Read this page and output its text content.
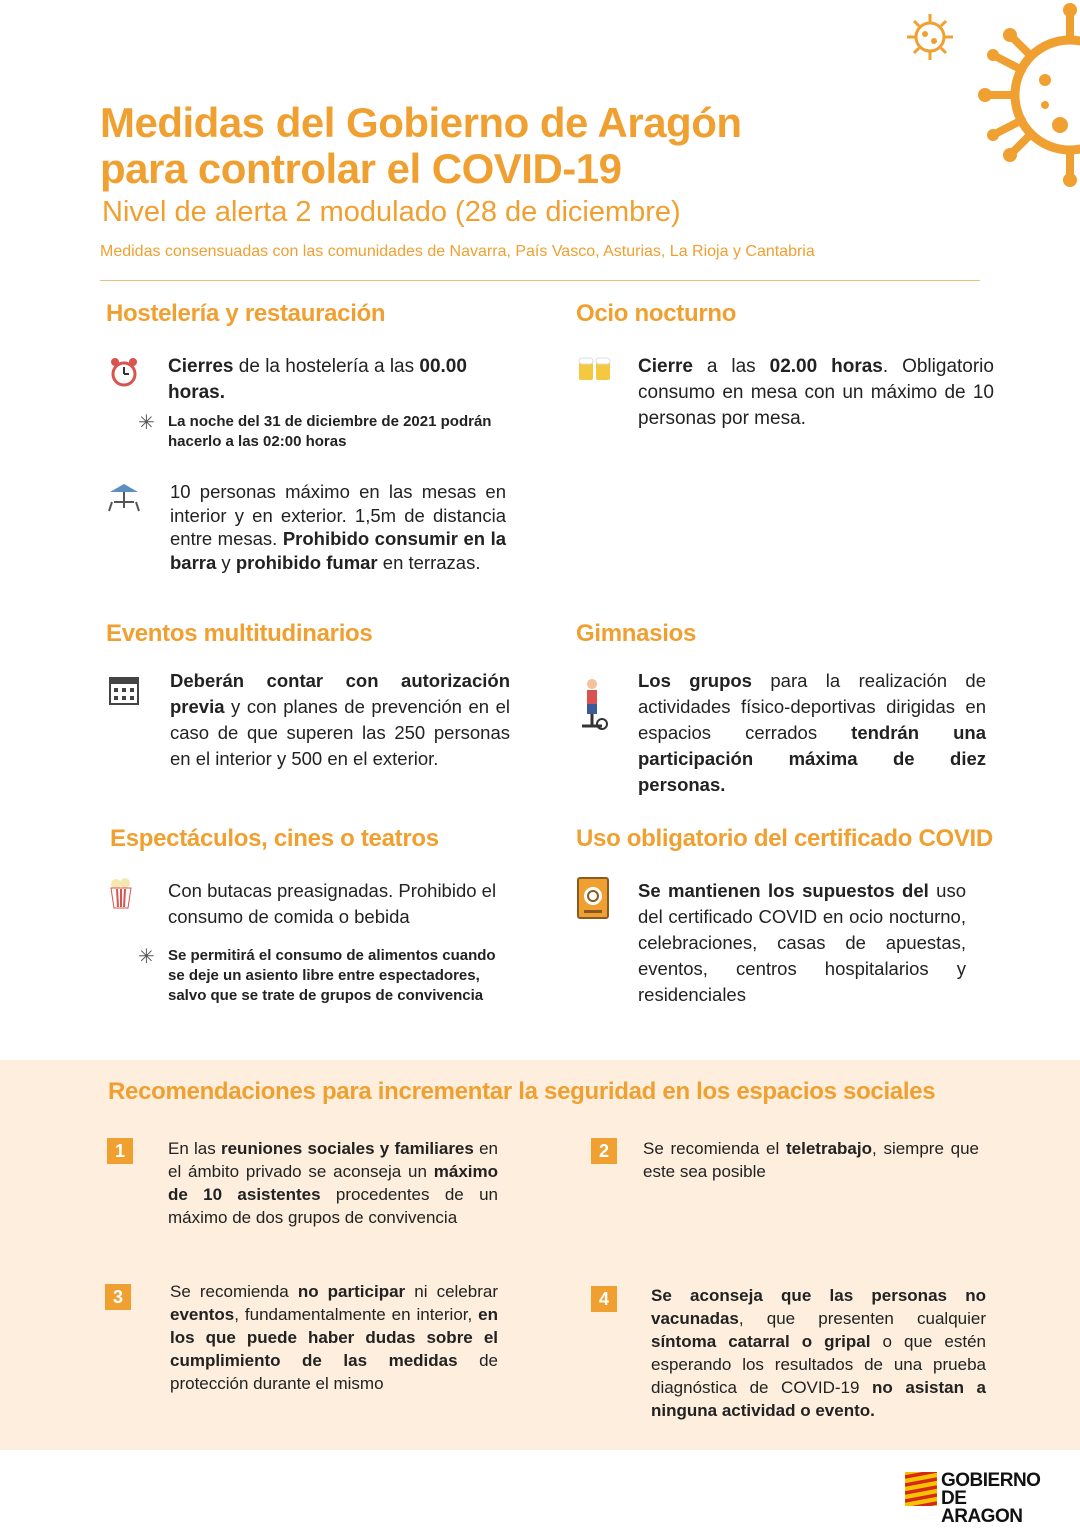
Medidas del Gobierno de Aragón
para controlar el COVID-19
Nivel de alerta 2 modulado (28 de diciembre)
Medidas consensuadas con las comunidades de Navarra, País Vasco, Asturias, La Rioja y Cantabria
Hostelería y restauración
Cierres de la hostelería a las 00.00
horas.
✳ La noche del 31 de diciembre de 2021 podrán hacerlo a las 02:00 horas
10 personas máximo en las mesas en interior y en exterior. 1,5m de distancia entre mesas. Prohibido consumir en la barra y prohibido fumar en terrazas.
Ocio nocturno
Cierre a las 02.00 horas. Obligatorio consumo en mesa con un máximo de 10 personas por mesa.
Eventos multitudinarios
Deberán contar con autorización previa y con planes de prevención en el caso de que superen las 250 personas en el interior y 500 en el exterior.
Gimnasios
Los grupos para la realización de actividades físico-deportivas dirigidas en espacios cerrados tendrán una participación máxima de diez personas.
Espectáculos, cines o teatros
Con butacas preasignadas. Prohibido el consumo de comida o bebida
✳ Se permitirá el consumo de alimentos cuando se deje un asiento libre entre espectadores, salvo que se trate de grupos de convivencia
Uso obligatorio del certificado COVID
Se mantienen los supuestos del uso del certificado COVID en ocio nocturno, celebraciones, casas de apuestas, eventos, centros hospitalarios y residenciales
Recomendaciones para incrementar la seguridad en los espacios sociales
1	En las reuniones sociales y familiares en el ámbito privado se aconseja un máximo de 10 asistentes procedentes de un máximo de dos grupos de convivencia
2	Se recomienda el teletrabajo, siempre que este sea posible
3	Se recomienda no participar ni celebrar eventos, fundamentalmente en interior, en los que puede haber dudas sobre el cumplimiento de las medidas de protección durante el mismo
4	Se aconseja que las personas no vacunadas, que presenten cualquier síntoma catarral o gripal o que estén esperando los resultados de una prueba diagnóstica de COVID-19 no asistan a ninguna actividad o evento.
GOBIERNO
DE ARAGON
